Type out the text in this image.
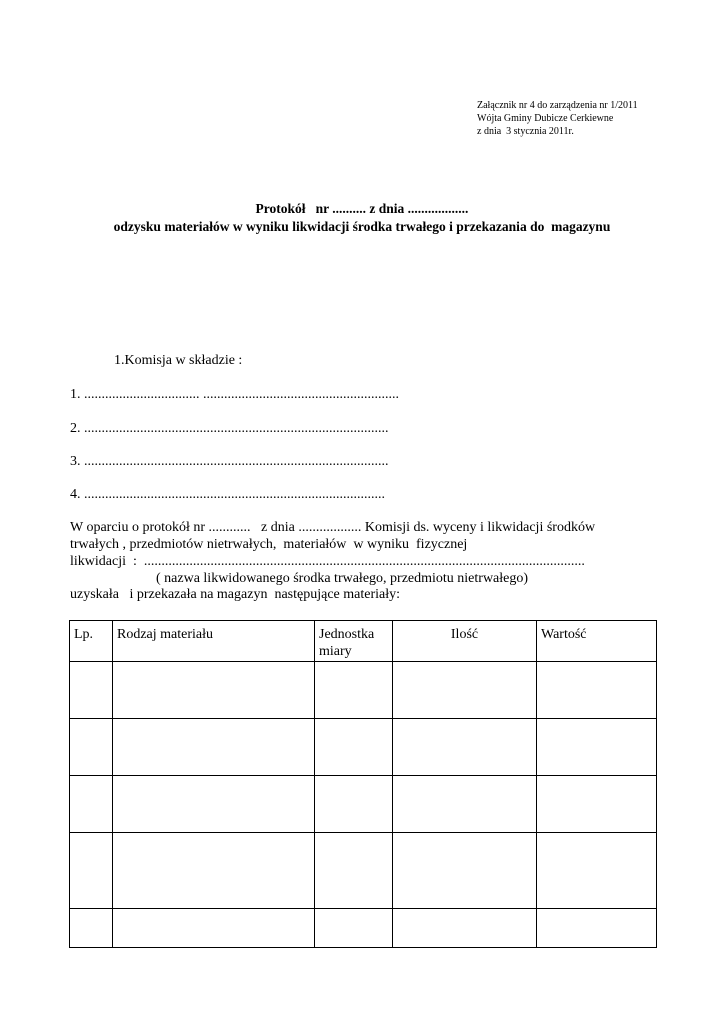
Załącznik nr 4 do zarządzenia nr 1/2011
Wójta Gminy Dubicze Cerkiewne
z dnia  3 stycznia 2011r.
Protokół   nr .......... z dnia ..................
odzysku materiałów w wyniku likwidacji środka trwałego i przekazania do  magazynu
1.Komisja w składzie :
1. ................................. ........................................................
2. .......................................................................................
3. .......................................................................................
4. ......................................................................................
W oparciu o protokół nr ............   z dnia .................. Komisji ds. wyceny i likwidacji środków
trwałych , przedmiotów nietrwałych,  materiałów  w wyniku  fizycznej
likwidacji  :  ..............................................................................................................................
( nazwa likwidowanego środka trwałego, przedmiotu nietrwałego)
uzyskała   i przekazała na magazyn  następujące materiały:
Lp.	Rodzaj materiału	Jednostka miary	Ilość	Wartość
